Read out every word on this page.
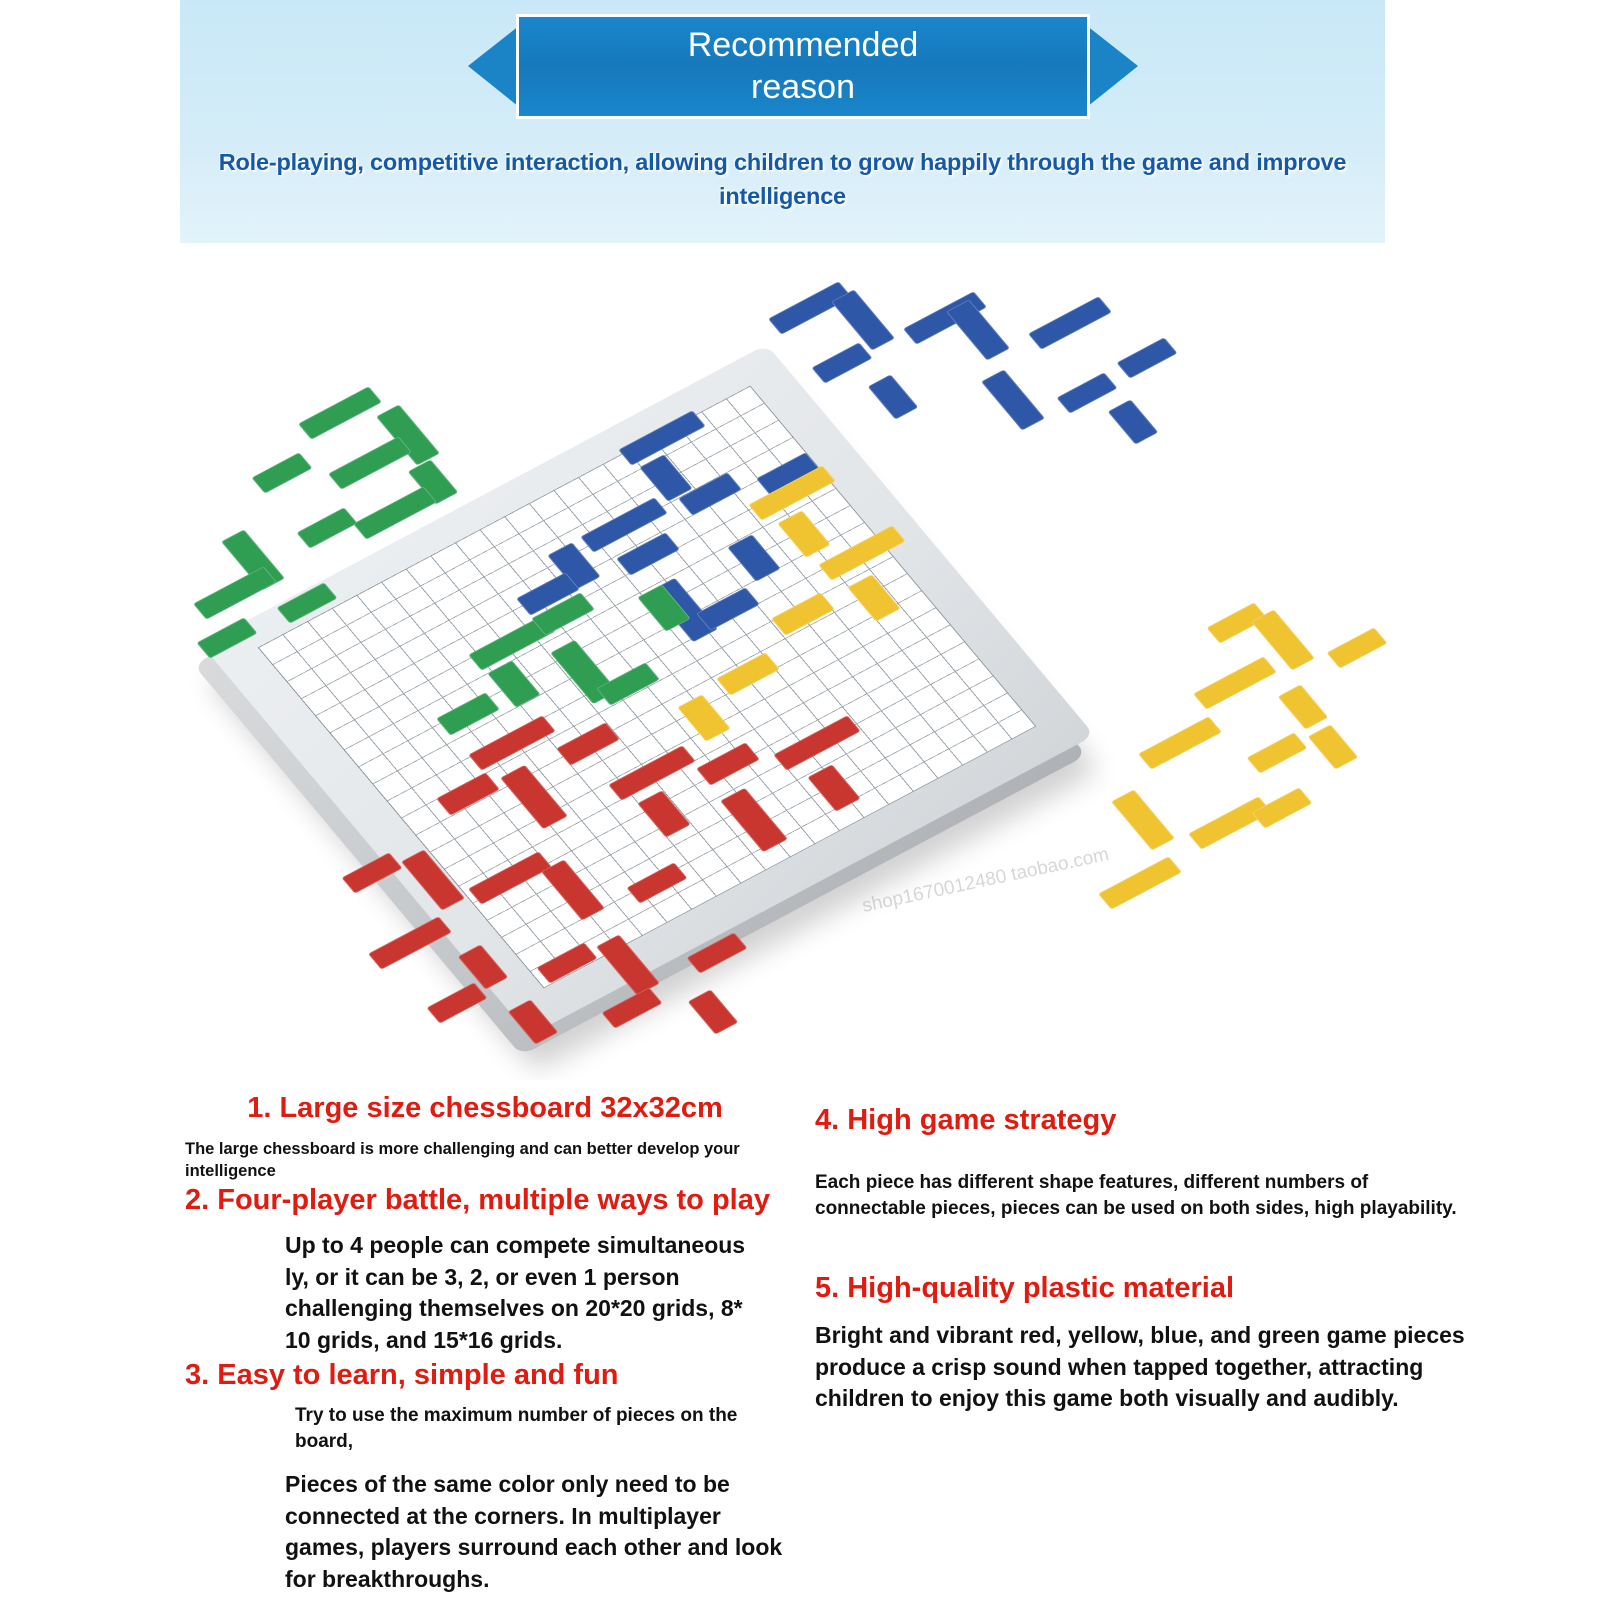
Recommended
reason
Role-playing, competitive interaction, allowing children to grow happily through the game and improve intelligence
shop1670012480 taobao.com
1. Large size chessboard 32x32cm

The large chessboard is more challenging and can better develop your intelligence

2. Four-player battle, multiple ways to play

Up to 4 people can compete simultaneous ly, or it can be 3, 2, or even 1 person challenging themselves on 20*20 grids, 8* 10 grids, and 15*16 grids.

3. Easy to learn, simple and fun

Try to use the maximum number of pieces on the board,

Pieces of the same color only need to be connected at the corners. In multiplayer games, players surround each other and look for breakthroughs.

4. High game strategy

Each piece has different shape features, different numbers of connectable pieces, pieces can be used on both sides, high playability.

5. High-quality plastic material

Bright and vibrant red, yellow, blue, and green game pieces produce a crisp sound when tapped together, attracting children to enjoy this game both visually and audibly.
